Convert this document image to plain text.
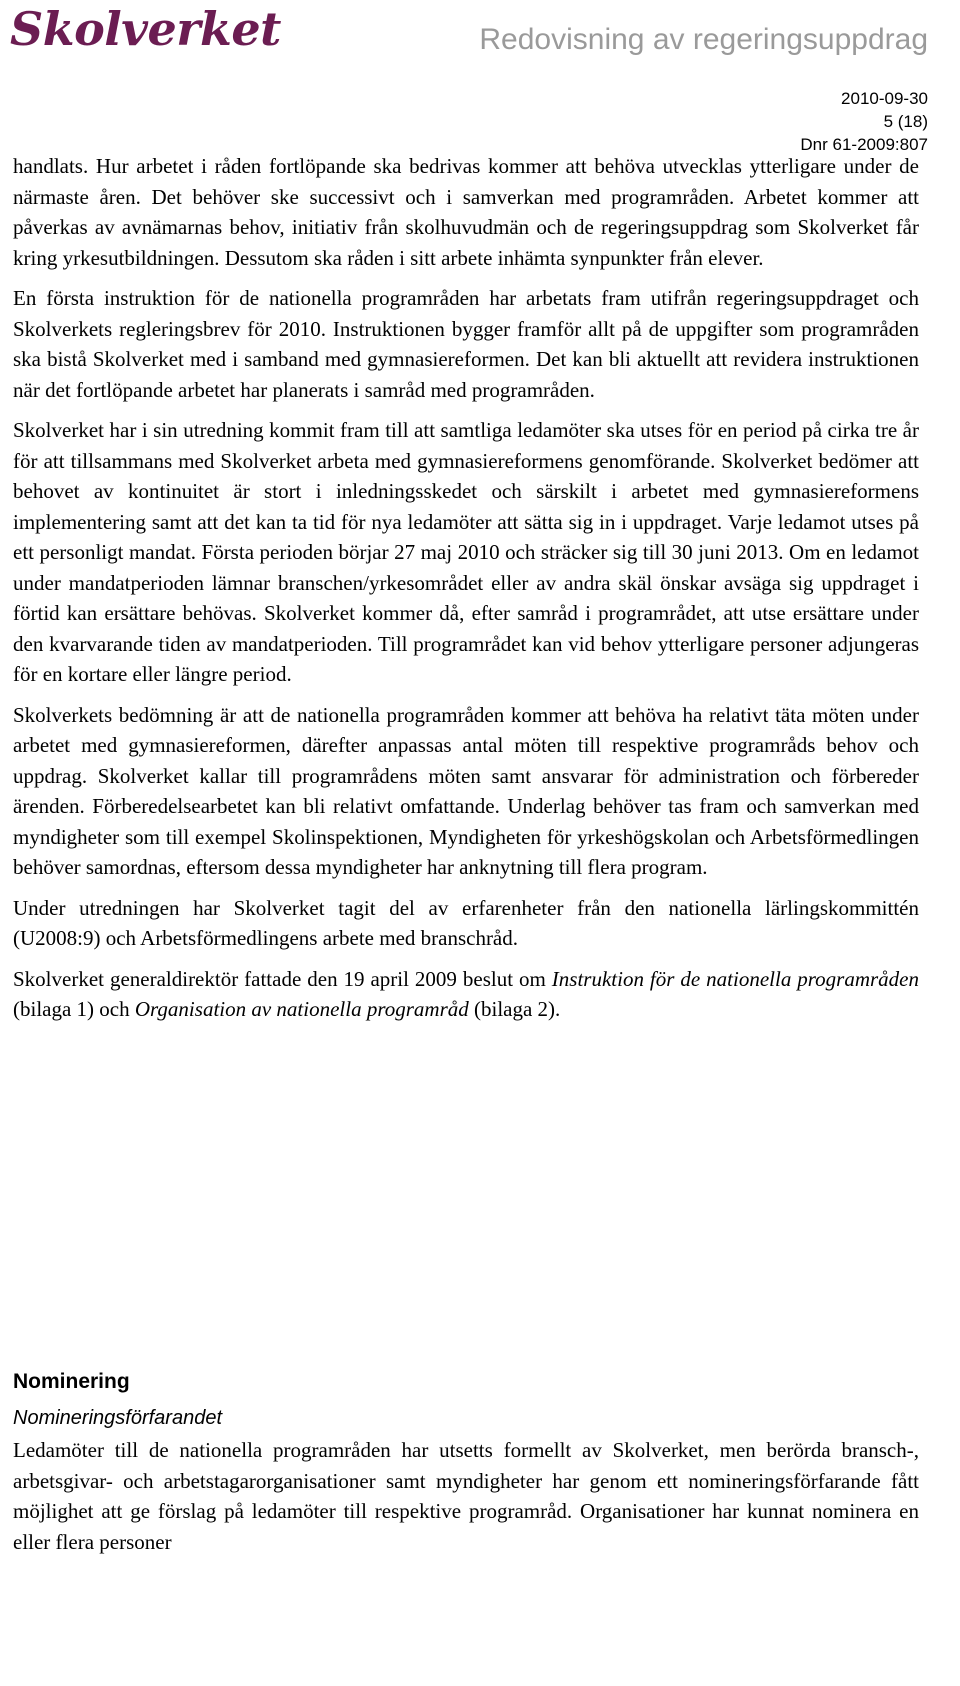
Skolverket	Redovisning av regeringsuppdrag
2010-09-30
5 (18)
Dnr 61-2009:807

handlats. Hur arbetet i råden fortlöpande ska bedrivas kommer att behöva utvecklas ytterligare under de närmaste åren. Det behöver ske successivt och i samverkan med programråden. Arbetet kommer att påverkas av avnämarnas behov, initiativ från skolhuvudmän och de regeringsuppdrag som Skolverket får kring yrkesutbildningen. Dessutom ska råden i sitt arbete inhämta synpunkter från elever.

En första instruktion för de nationella programråden har arbetats fram utifrån regeringsuppdraget och Skolverkets regleringsbrev för 2010. Instruktionen bygger framför allt på de uppgifter som programråden ska bistå Skolverket med i samband med gymnasiereformen. Det kan bli aktuellt att revidera instruktionen när det fortlöpande arbetet har planerats i samråd med programråden.

Skolverket har i sin utredning kommit fram till att samtliga ledamöter ska utses för en period på cirka tre år för att tillsammans med Skolverket arbeta med gymnasiereformens genomförande. Skolverket bedömer att behovet av kontinuitet är stort i inledningsskedet och särskilt i arbetet med gymnasiereformens implementering samt att det kan ta tid för nya ledamöter att sätta sig in i uppdraget. Varje ledamot utses på ett personligt mandat. Första perioden börjar 27 maj 2010 och sträcker sig till 30 juni 2013. Om en ledamot under mandatperioden lämnar branschen/yrkesområdet eller av andra skäl önskar avsäga sig uppdraget i förtid kan ersättare behövas. Skolverket kommer då, efter samråd i programrådet, att utse ersättare under den kvarvarande tiden av mandatperioden. Till programrådet kan vid behov ytterligare personer adjungeras för en kortare eller längre period.

Skolverkets bedömning är att de nationella programråden kommer att behöva ha relativt täta möten under arbetet med gymnasiereformen, därefter anpassas antal möten till respektive programråds behov och uppdrag. Skolverket kallar till programrådens möten samt ansvarar för administration och förbereder ärenden. Förberedelsearbetet kan bli relativt omfattande. Underlag behöver tas fram och samverkan med myndigheter som till exempel Skolinspektionen, Myndigheten för yrkeshögskolan och Arbetsförmedlingen behöver samordnas, eftersom dessa myndigheter har anknytning till flera program.

Under utredningen har Skolverket tagit del av erfarenheter från den nationella lärlingskommittén (U2008:9) och Arbetsförmedlingens arbete med branschråd.

Skolverket generaldirektör fattade den 19 april 2009 beslut om Instruktion för de nationella programråden (bilaga 1) och Organisation av nationella programråd (bilaga 2).

Nominering
Nomineringsförfarandet

Ledamöter till de nationella programråden har utsetts formellt av Skolverket, men berörda bransch-, arbetsgivar- och arbetstagarorganisationer samt myndigheter har genom ett nomineringsförfarande fått möjlighet att ge förslag på ledamöter till respektive programråd. Organisationer har kunnat nominera en eller flera personer
